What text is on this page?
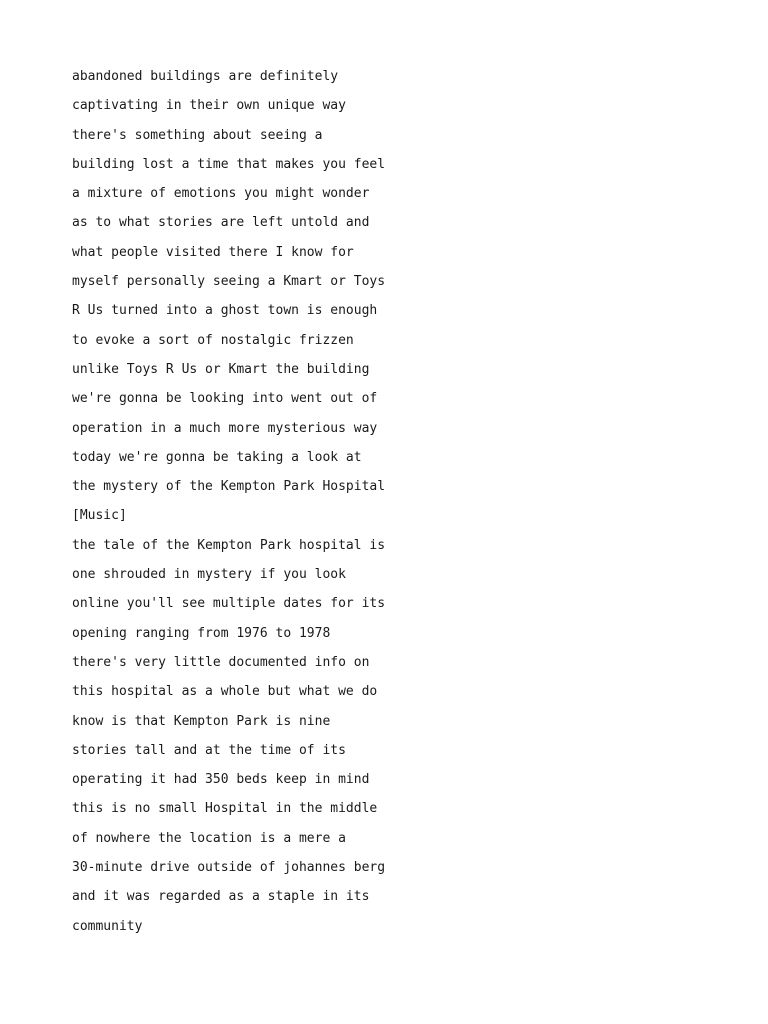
abandoned buildings are definitely
captivating in their own unique way
there's something about seeing a
building lost a time that makes you feel
a mixture of emotions you might wonder
as to what stories are left untold and
what people visited there I know for
myself personally seeing a Kmart or Toys
R Us turned into a ghost town is enough
to evoke a sort of nostalgic frizzen
unlike Toys R Us or Kmart the building
we're gonna be looking into went out of
operation in a much more mysterious way
today we're gonna be taking a look at
the mystery of the Kempton Park Hospital
[Music]
the tale of the Kempton Park hospital is
one shrouded in mystery if you look
online you'll see multiple dates for its
opening ranging from 1976 to 1978
there's very little documented info on
this hospital as a whole but what we do
know is that Kempton Park is nine
stories tall and at the time of its
operating it had 350 beds keep in mind
this is no small Hospital in the middle
of nowhere the location is a mere a
30-minute drive outside of johannes berg
and it was regarded as a staple in its
community
